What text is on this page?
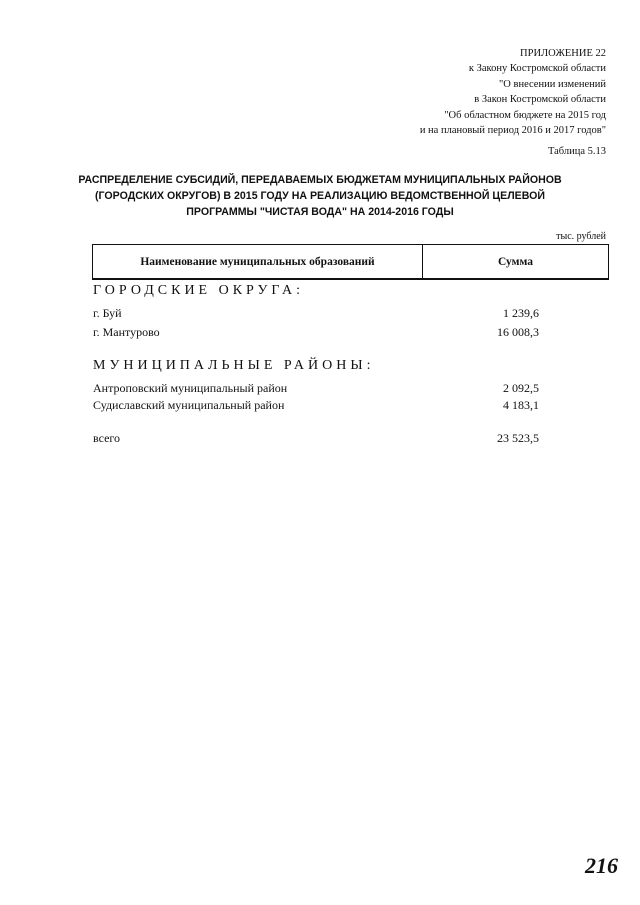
ПРИЛОЖЕНИЕ 22
к Закону Костромской области
"О внесении изменений
в Закон Костромской области
"Об областном бюджете на 2015 год
и на плановый период 2016 и 2017 годов"
Таблица 5.13
РАСПРЕДЕЛЕНИЕ СУБСИДИЙ, ПЕРЕДАВАЕМЫХ БЮДЖЕТАМ МУНИЦИПАЛЬНЫХ РАЙОНОВ
(ГОРОДСКИХ ОКРУГОВ) В 2015 ГОДУ НА РЕАЛИЗАЦИЮ ВЕДОМСТВЕННОЙ ЦЕЛЕВОЙ
ПРОГРАММЫ "ЧИСТАЯ ВОДА" НА 2014-2016 ГОДЫ
тыс. рублей
Наименование муниципальных образований	Сумма
ГОРОДСКИЕ ОКРУГА:
г. Буй	1 239,6
г. Мантурово	16 008,3
МУНИЦИПАЛЬНЫЕ РАЙОНЫ:
Антроповский муниципальный район	2 092,5
Судиславский муниципальный район	4 183,1
всего	23 523,5
216
